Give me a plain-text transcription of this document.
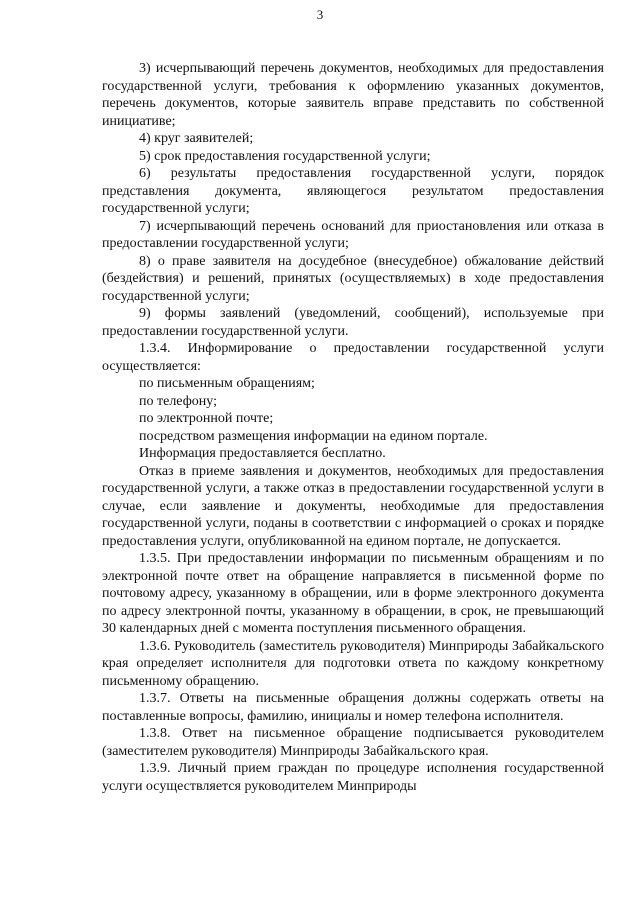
3

3) исчерпывающий перечень документов, необходимых для предоставления государственной услуги, требования к оформлению указанных документов, перечень документов, которые заявитель вправе представить по собственной инициативе;

4) круг заявителей;

5) срок предоставления государственной услуги;

6) результаты предоставления государственной услуги, порядок представления документа, являющегося результатом предоставления государственной услуги;

7) исчерпывающий перечень оснований для приостановления или отказа в предоставлении государственной услуги;

8) о праве заявителя на досудебное (внесудебное) обжалование действий (бездействия) и решений, принятых (осуществляемых) в ходе предоставления государственной услуги;

9) формы заявлений (уведомлений, сообщений), используемые при предоставлении государственной услуги.

1.3.4. Информирование о предоставлении государственной услуги осуществляется:

по письменным обращениям;

по телефону;

по электронной почте;

посредством размещения информации на едином портале.

Информация предоставляется бесплатно.

Отказ в приеме заявления и документов, необходимых для предоставления государственной услуги, а также отказ в предоставлении государственной услуги в случае, если заявление и документы, необходимые для предоставления государственной услуги, поданы в соответствии с информацией о сроках и порядке предоставления услуги, опубликованной на едином портале, не допускается.

1.3.5. При предоставлении информации по письменным обращениям и по электронной почте ответ на обращение направляется в письменной форме по почтовому адресу, указанному в обращении, или в форме электронного документа по адресу электронной почты, указанному в обращении, в срок, не превышающий 30 календарных дней с момента поступления письменного обращения.

1.3.6. Руководитель (заместитель руководителя) Минприроды Забайкальского края определяет исполнителя для подготовки ответа по каждому конкретному письменному обращению.

1.3.7. Ответы на письменные обращения должны содержать ответы на поставленные вопросы, фамилию, инициалы и номер телефона исполнителя.

1.3.8. Ответ на письменное обращение подписывается руководителем (заместителем руководителя) Минприроды Забайкальского края.

1.3.9. Личный прием граждан по процедуре исполнения государственной услуги осуществляется руководителем Минприроды
